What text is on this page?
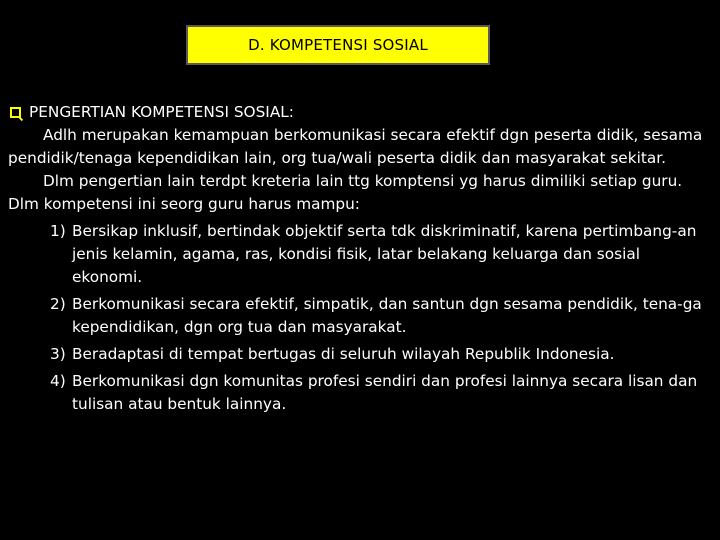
D. KOMPETENSI SOSIAL
PENGERTIAN KOMPETENSI SOSIAL:

Adlh merupakan kemampuan berkomunikasi secara efektif dgn peserta didik, sesama pendidik/tenaga kependidikan lain, org tua/wali peserta didik dan masyarakat sekitar.

Dlm pengertian lain terdpt kreteria lain ttg komptensi yg harus dimiliki setiap guru. Dlm kompetensi ini seorg guru harus mampu:

1) Bersikap inklusif, bertindak objektif serta tdk diskriminatif, karena pertimbang-an jenis kelamin, agama, ras, kondisi fisik, latar belakang keluarga dan sosial ekonomi.
2) Berkomunikasi secara efektif, simpatik, dan santun dgn sesama pendidik, tena-ga kependidikan, dgn org tua dan masyarakat.
3) Beradaptasi di tempat bertugas di seluruh wilayah Republik Indonesia.
4) Berkomunikasi dgn komunitas profesi sendiri dan profesi lainnya secara lisan dan tulisan atau bentuk lainnya.
